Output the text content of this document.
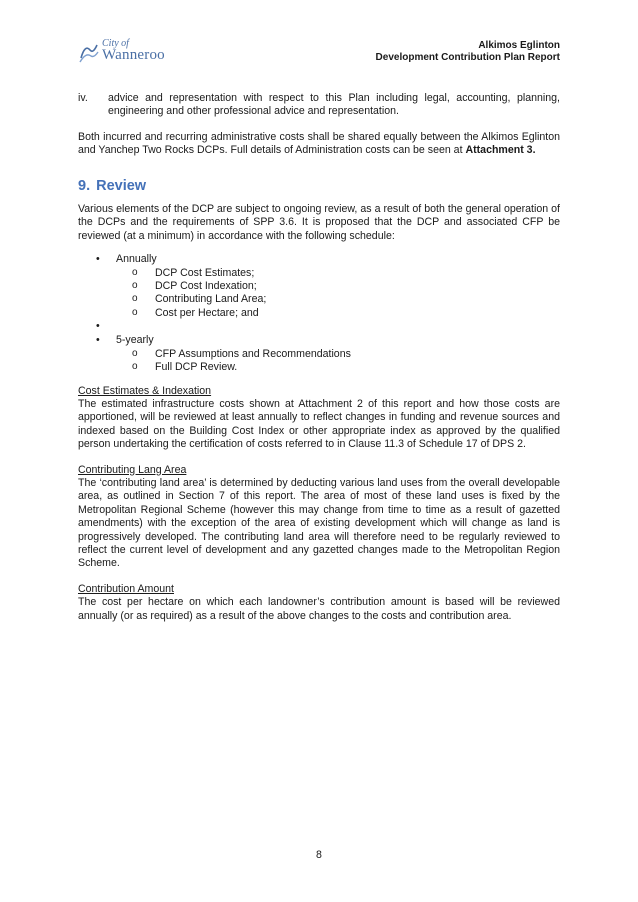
City of
Wanneroo
Alkimos Eglinton
Development Contribution Plan Report
iv.	advice and representation with respect to this Plan including legal, accounting, planning, engineering and other professional advice and representation.

Both incurred and recurring administrative costs shall be shared equally between the Alkimos Eglinton and Yanchep Two Rocks DCPs. Full details of Administration costs can be seen at Attachment 3.

9. Review

Various elements of the DCP are subject to ongoing review, as a result of both the general operation of the DCPs and the requirements of SPP 3.6. It is proposed that the DCP and associated CFP be reviewed (at a minimum) in accordance with the following schedule:

• Annually
o DCP Cost Estimates;
o DCP Cost Indexation;
o Contributing Land Area;
o Cost per Hectare; and
•
• 5-yearly
o CFP Assumptions and Recommendations
o Full DCP Review.

Cost Estimates & Indexation

The estimated infrastructure costs shown at Attachment 2 of this report and how those costs are apportioned, will be reviewed at least annually to reflect changes in funding and revenue sources and indexed based on the Building Cost Index or other appropriate index as approved by the qualified person undertaking the certification of costs referred to in Clause 11.3 of Schedule 17 of DPS 2.

Contributing Lang Area

The ‘contributing land area’ is determined by deducting various land uses from the overall developable area, as outlined in Section 7 of this report. The area of most of these land uses is fixed by the Metropolitan Regional Scheme (however this may change from time to time as a result of gazetted amendments) with the exception of the area of existing development which will change as land is progressively developed. The contributing land area will therefore need to be regularly reviewed to reflect the current level of development and any gazetted changes made to the Metropolitan Region Scheme.

Contribution Amount

The cost per hectare on which each landowner’s contribution amount is based will be reviewed annually (or as required) as a result of the above changes to the costs and contribution area.

8
